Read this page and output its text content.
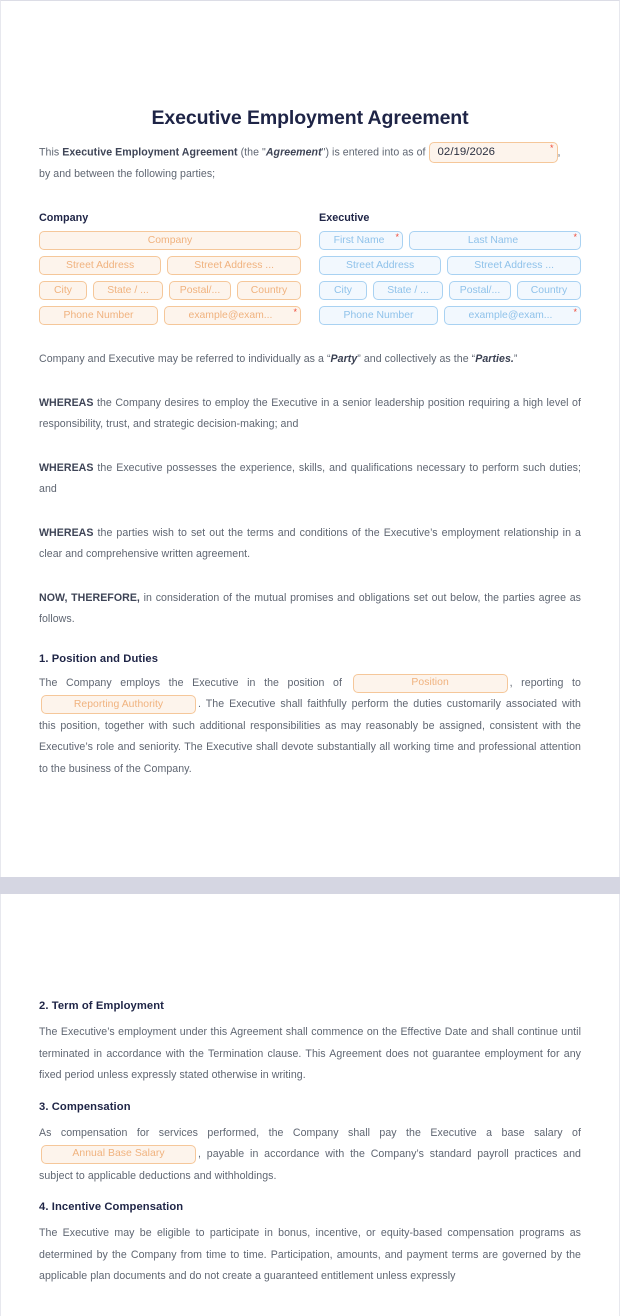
Executive Employment Agreement

This Executive Employment Agreement (the "Agreement") is entered into as of 02/19/2026	* ,
by and between the following parties;

Company
Company
Street Address	Street Address ...
City	State / ...	Postal/...	Country
Phone Number	example@exam... *
Executive
First Name *	Last Name	*
Street Address	Street Address ...
City	State / ...	Postal/...	Country
Phone Number	example@exam... *

Company and Executive may be referred to individually as a “Party” and collectively as the “Parties.”

WHEREAS the Company desires to employ the Executive in a senior leadership position requiring a high level of responsibility, trust, and strategic decision-making; and

WHEREAS the Executive possesses the experience, skills, and qualifications necessary to perform such duties; and

WHEREAS the parties wish to set out the terms and conditions of the Executive’s employment relationship in a clear and comprehensive written agreement.

NOW, THEREFORE, in consideration of the mutual promises and obligations set out below, the parties agree as follows.

1. Position and Duties

The Company employs the Executive in the position of	Position	, reporting to Reporting Authority	. The Executive shall faithfully perform the duties customarily associated with this position, together with such additional responsibilities as may reasonably be assigned, consistent with the Executive’s role and seniority. The Executive shall devote substantially all working time and professional attention to the business of the Company.

2. Term of Employment

The Executive’s employment under this Agreement shall commence on the Effective Date and shall continue until terminated in accordance with the Termination clause. This Agreement does not guarantee employment for any fixed period unless expressly stated otherwise in writing.

3. Compensation

As compensation for services performed, the Company shall pay the Executive a base salary of Annual Base Salary	, payable in accordance with the Company’s standard payroll practices and subject to applicable deductions and withholdings.

4. Incentive Compensation

The Executive may be eligible to participate in bonus, incentive, or equity-based compensation programs as determined by the Company from time to time. Participation, amounts, and payment terms are governed by the applicable plan documents and do not create a guaranteed entitlement unless expressly
